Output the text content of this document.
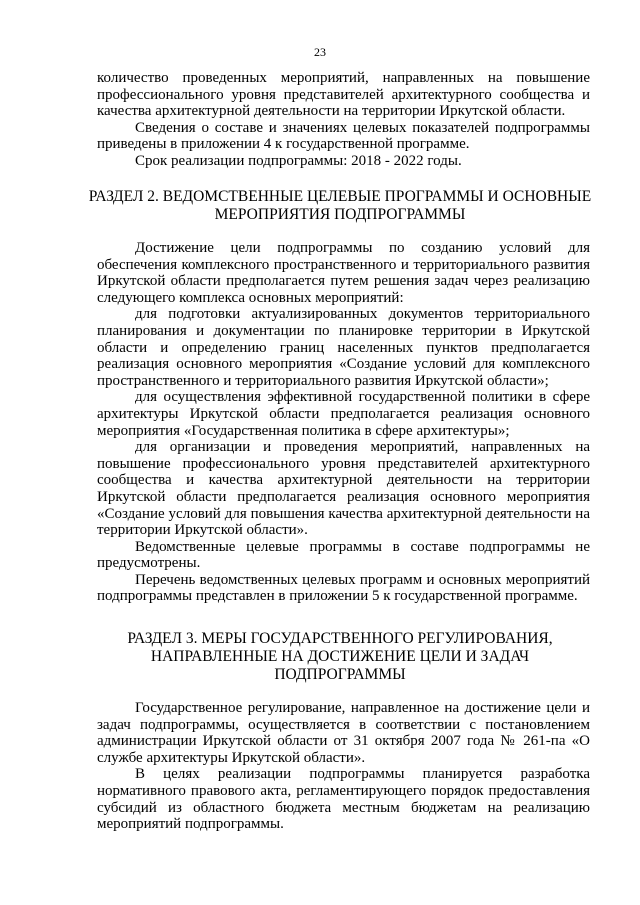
23

количество проведенных мероприятий, направленных на повышение профессионального уровня представителей архитектурного сообщества и качества архитектурной деятельности на территории Иркутской области.

Сведения о составе и значениях целевых показателей подпрограммы приведены в приложении 4 к государственной программе.

Срок реализации подпрограммы: 2018 - 2022 годы.

РАЗДЕЛ 2. ВЕДОМСТВЕННЫЕ ЦЕЛЕВЫЕ ПРОГРАММЫ И ОСНОВНЫЕ
МЕРОПРИЯТИЯ ПОДПРОГРАММЫ

Достижение цели подпрограммы по созданию условий для обеспечения комплексного пространственного и территориального развития Иркутской области предполагается путем решения задач через реализацию следующего комплекса основных мероприятий:

для подготовки актуализированных документов территориального планирования и документации по планировке территории в Иркутской области и определению границ населенных пунктов предполагается реализация основного мероприятия «Создание условий для комплексного пространственного и территориального развития Иркутской области»;

для осуществления эффективной государственной политики в сфере архитектуры Иркутской области предполагается реализация основного мероприятия «Государственная политика в сфере архитектуры»;

для организации и проведения мероприятий, направленных на повышение профессионального уровня представителей архитектурного сообщества и качества архитектурной деятельности на территории Иркутской области предполагается реализация основного мероприятия «Создание условий для повышения качества архитектурной деятельности на территории Иркутской области».

Ведомственные целевые программы в составе подпрограммы не предусмотрены.

Перечень ведомственных целевых программ и основных мероприятий подпрограммы представлен в приложении 5 к государственной программе.

РАЗДЕЛ 3. МЕРЫ ГОСУДАРСТВЕННОГО РЕГУЛИРОВАНИЯ,
НАПРАВЛЕННЫЕ НА ДОСТИЖЕНИЕ ЦЕЛИ И ЗАДАЧ
ПОДПРОГРАММЫ

Государственное регулирование, направленное на достижение цели и задач подпрограммы, осуществляется в соответствии с постановлением администрации Иркутской области от 31 октября 2007 года № 261-па «О службе архитектуры Иркутской области».

В целях реализации подпрограммы планируется разработка нормативного правового акта, регламентирующего порядок предоставления субсидий из областного бюджета местным бюджетам на реализацию мероприятий подпрограммы.
